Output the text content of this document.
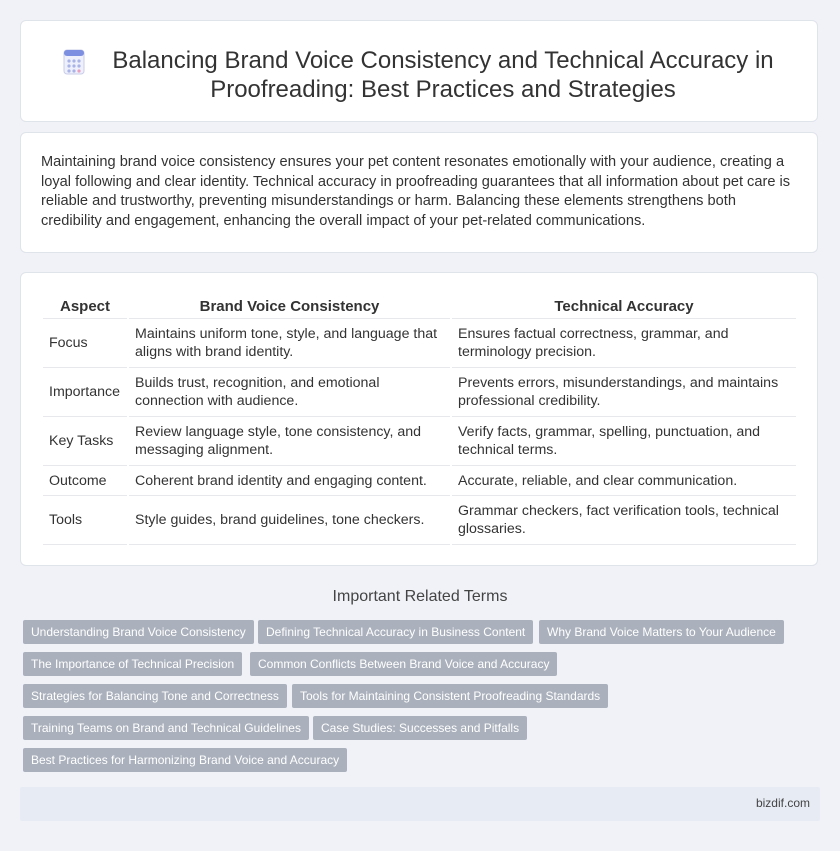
Balancing Brand Voice Consistency and Technical Accuracy in Proofreading: Best Practices and Strategies

Maintaining brand voice consistency ensures your pet content resonates emotionally with your audience, creating a loyal following and clear identity. Technical accuracy in proofreading guarantees that all information about pet care is reliable and trustworthy, preventing misunderstandings or harm. Balancing these elements strengthens both credibility and engagement, enhancing the overall impact of your pet-related communications.

Aspect	Brand Voice Consistency	Technical Accuracy
Focus	Maintains uniform tone, style, and language that aligns with brand identity.	Ensures factual correctness, grammar, and terminology precision.
Importance	Builds trust, recognition, and emotional connection with audience.	Prevents errors, misunderstandings, and maintains professional credibility.
Key Tasks	Review language style, tone consistency, and messaging alignment.	Verify facts, grammar, spelling, punctuation, and technical terms.
Outcome	Coherent brand identity and engaging content.	Accurate, reliable, and clear communication.
Tools	Style guides, brand guidelines, tone checkers.	Grammar checkers, fact verification tools, technical glossaries.
Important Related Terms
Understanding Brand Voice Consistency	Defining Technical Accuracy in Business Content	Why Brand Voice Matters to Your Audience
The Importance of Technical Precision	Common Conflicts Between Brand Voice and Accuracy
Strategies for Balancing Tone and Correctness	Tools for Maintaining Consistent Proofreading Standards
Training Teams on Brand and Technical Guidelines	Case Studies: Successes and Pitfalls
Best Practices for Harmonizing Brand Voice and Accuracy
bizdif.com
